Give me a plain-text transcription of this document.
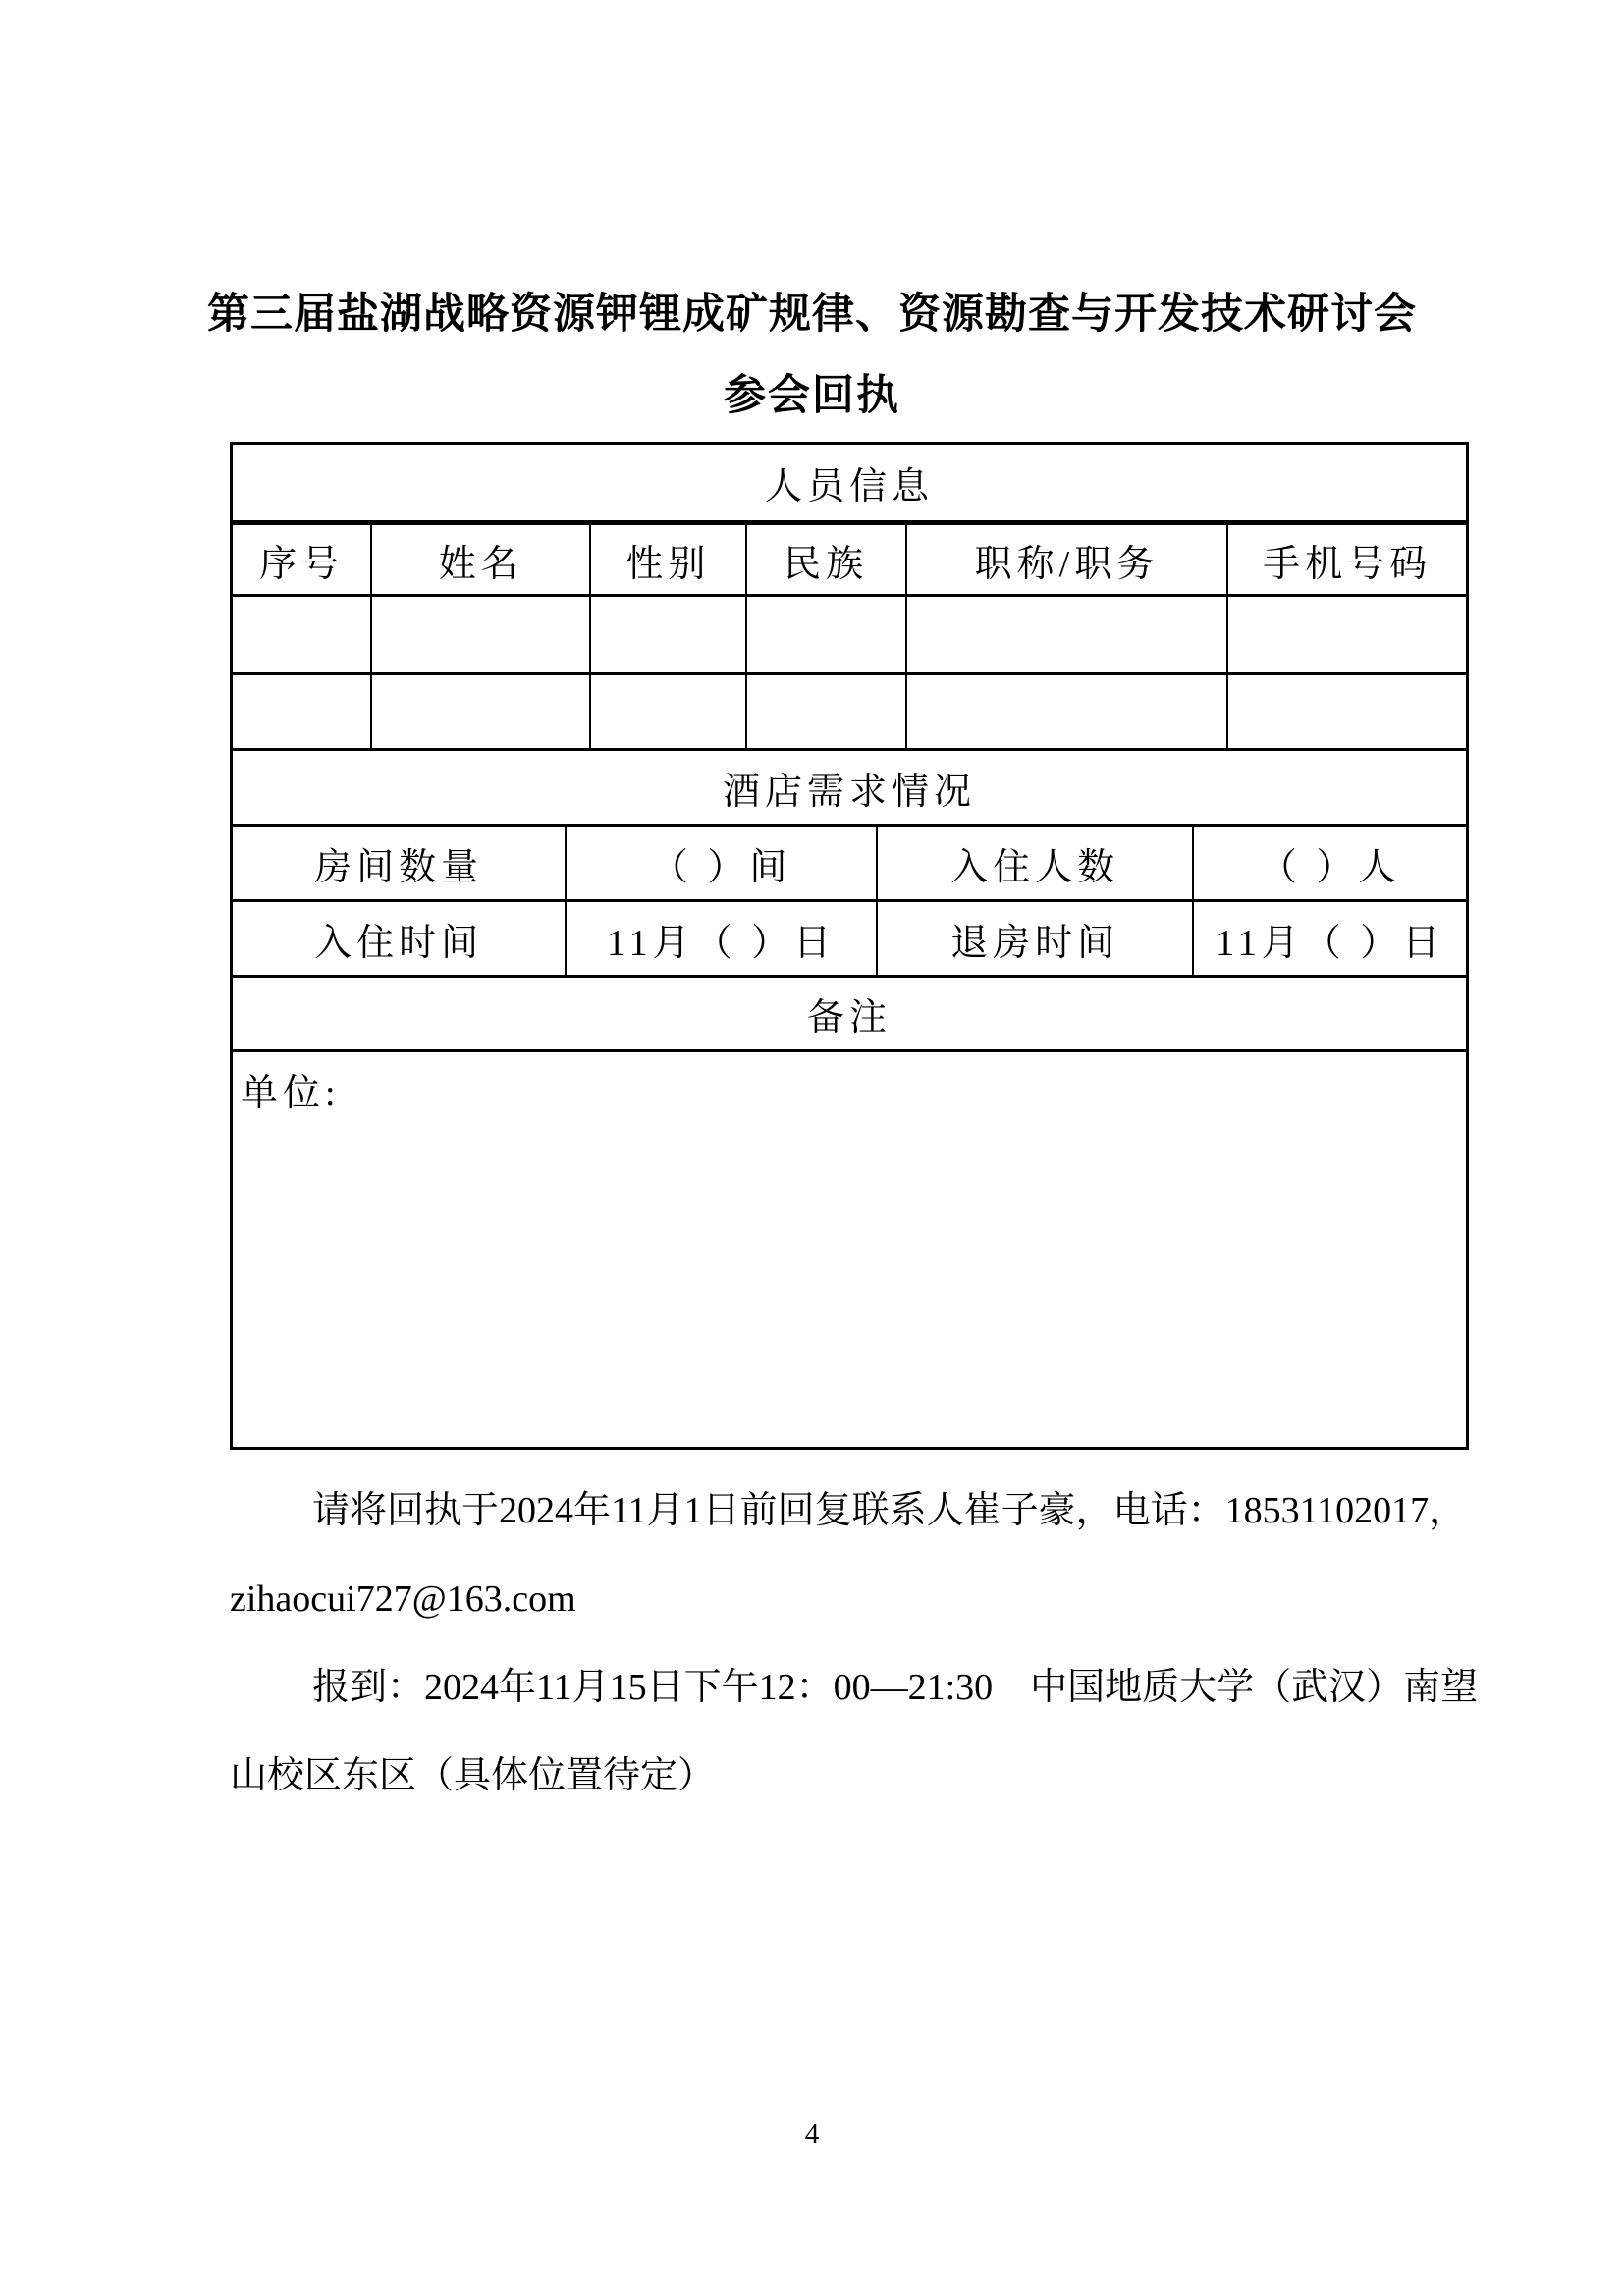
第三届盐湖战略资源钾锂成矿规律、资源勘查与开发技术研讨会
参会回执
人员信息
序号	姓名	性别	民族	职称/职务	手机号码
酒店需求情况
房间数量	（ ）间	入住人数	（ ）人
入住时间	11月（ ）日	退房时间	11月（ ）日
备注
单位:
请将回执于2024年11月1日前回复联系人崔子豪，电话：18531102017，
zihaocui727@163.com
报到：2024年11月15日下午12：00—21:30　中国地质大学（武汉）南望
山校区东区（具体位置待定）
4
